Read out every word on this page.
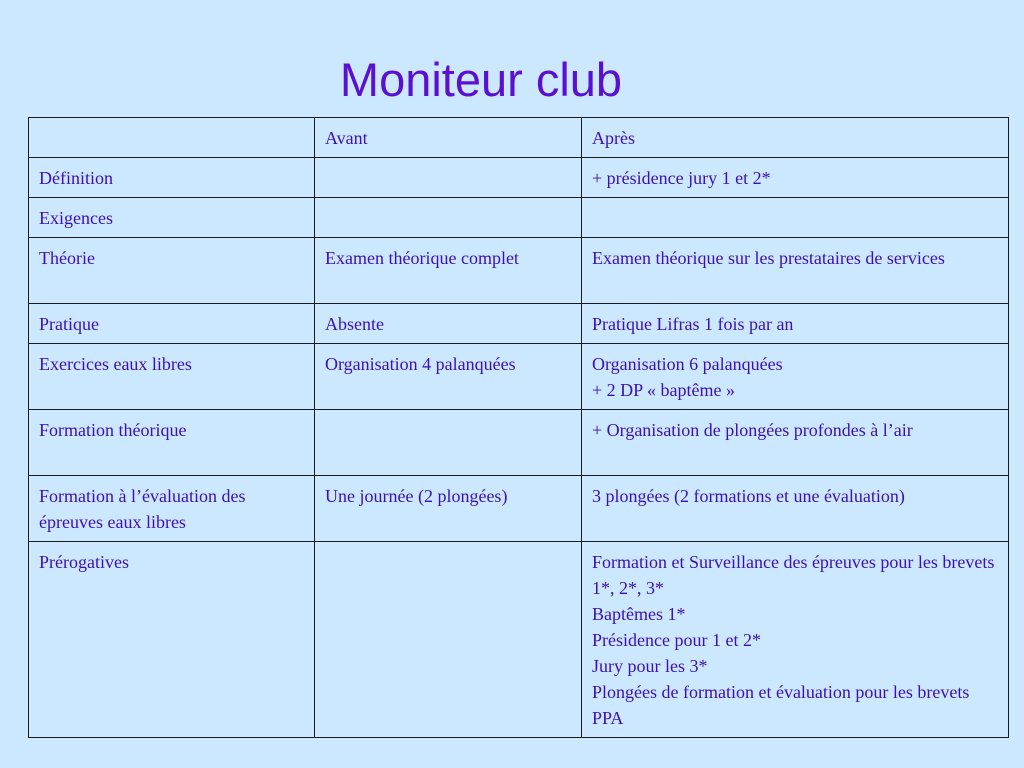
Moniteur club
	Avant	Après
Définition		+ présidence jury 1 et 2*
Exigences		
Théorie	Examen théorique complet	Examen théorique sur les prestataires de services
Pratique	Absente	Pratique Lifras 1 fois par an
Exercices eaux libres	Organisation 4 palanquées	Organisation 6 palanquées
+ 2 DP « baptême »
Formation théorique		+ Organisation de plongées profondes à l’air
Formation à l’évaluation des épreuves eaux libres	Une journée (2 plongées)	3 plongées (2 formations et une évaluation)
Prérogatives		Formation et Surveillance des épreuves pour les brevets 1*, 2*, 3*
Baptêmes 1*
Présidence pour 1 et 2*
Jury pour les 3*
Plongées de formation et évaluation pour les brevets PPA
